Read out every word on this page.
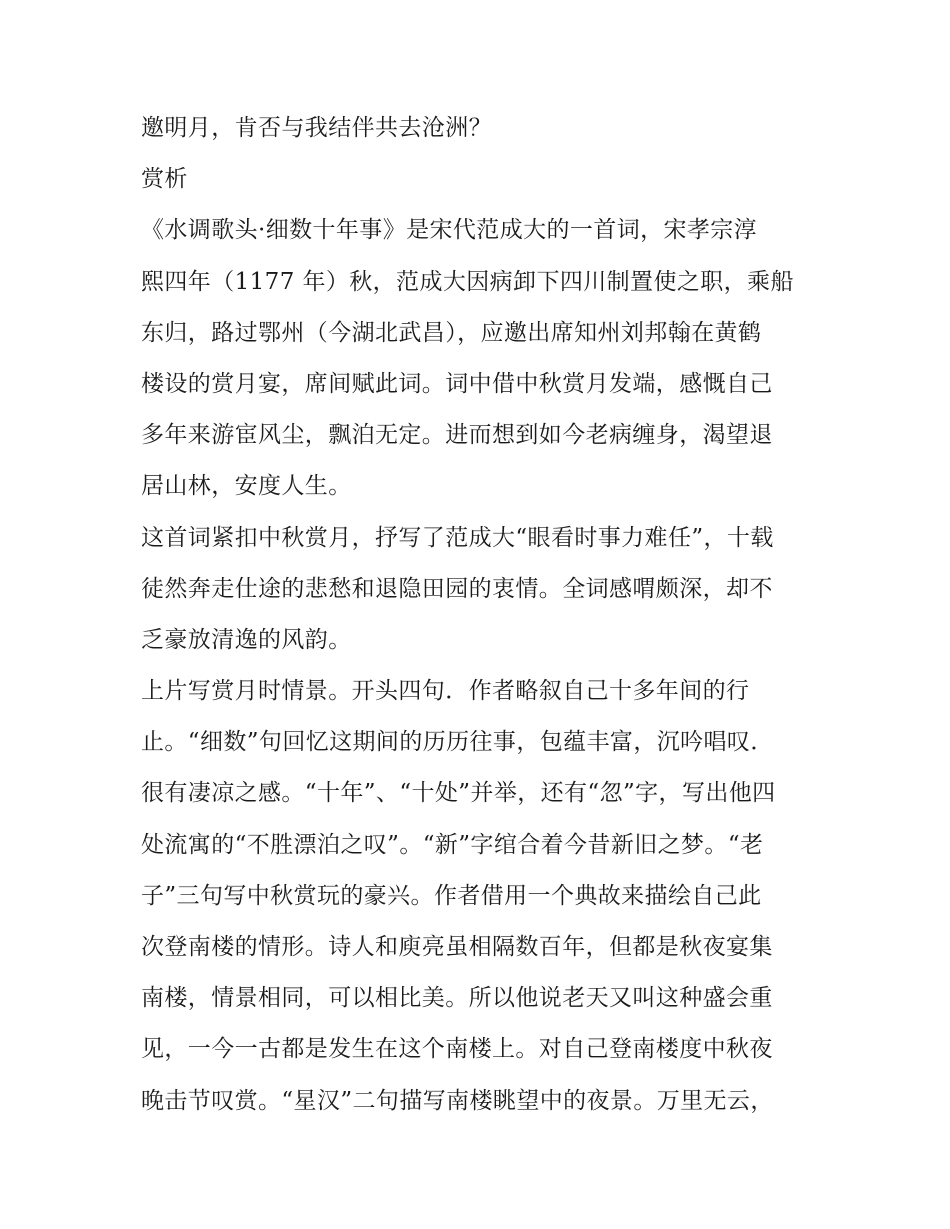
邀明月，肯否与我结伴共去沧洲？
赏析
《水调歌头·细数十年事》是宋代范成大的一首词，宋孝宗淳
熙四年（1177 年）秋，范成大因病卸下四川制置使之职，乘船
东归，路过鄂州（今湖北武昌），应邀出席知州刘邦翰在黄鹤
楼设的赏月宴，席间赋此词。词中借中秋赏月发端，感慨自己
多年来游宦风尘，飘泊无定。进而想到如今老病缠身，渴望退
居山林，安度人生。
这首词紧扣中秋赏月，抒写了范成大“眼看时事力难任”，十载
徒然奔走仕途的悲愁和退隐田园的衷情。全词感喟颇深，却不
乏豪放清逸的风韵。
上片写赏月时情景。开头四句．作者略叙自己十多年间的行
止。“细数”句回忆这期间的历历往事，包蕴丰富，沉吟唱叹．
很有凄凉之感。“十年”、“十处”并举，还有“忽”字，写出他四
处流寓的“不胜漂泊之叹”。“新”字绾合着今昔新旧之梦。“老
子”三句写中秋赏玩的豪兴。作者借用一个典故来描绘自己此
次登南楼的情形。诗人和庾亮虽相隔数百年，但都是秋夜宴集
南楼，情景相同，可以相比美。所以他说老天又叫这种盛会重
见，一今一古都是发生在这个南楼上。对自己登南楼度中秋夜
晚击节叹赏。“星汉”二句描写南楼眺望中的夜景。万里无云，
